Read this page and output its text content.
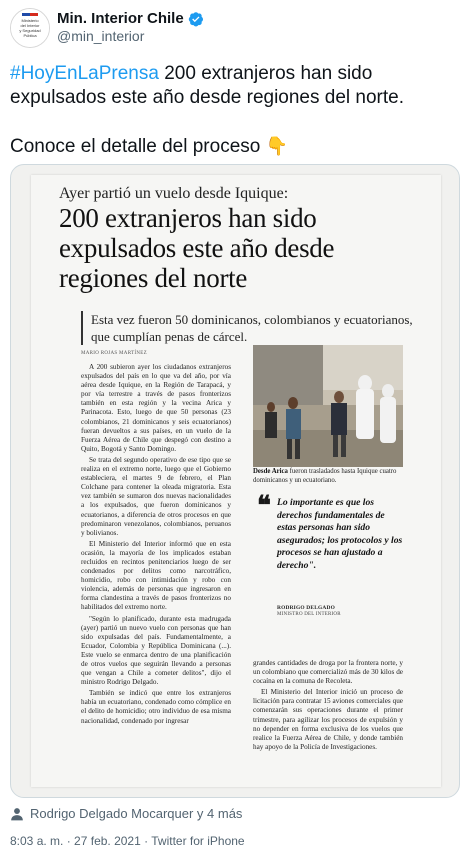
Ministerio
del Interior
y Seguridad
Pública
Min. Interior Chile
@min_interior

#HoyEnLaPrensa 200 extranjeros han sido expulsados este año desde regiones del norte.

Conoce el detalle del proceso 👇

Ayer partió un vuelo desde Iquique:
200 extranjeros han sido expulsados este año desde regiones del norte
Esta vez fueron 50 dominicanos, colombianos y ecuatorianos, que cumplían penas de cárcel.
MARIO ROJAS MARTÍNEZ

A 200 subieron ayer los ciudadanos extranjeros expulsados del país en lo que va del año, por vía aérea desde Iquique, en la Región de Tarapacá, y por vía terrestre a través de pasos fronterizos también en esta región y la vecina Arica y Parinacota. Esto, luego de que 50 personas (23 colombianos, 21 dominicanos y seis ecuatorianos) fueran devueltos a sus países, en un vuelo de la Fuerza Aérea de Chile que despegó con destino a Quito, Bogotá y Santo Domingo.

Se trata del segundo operativo de ese tipo que se realiza en el extremo norte, luego que el Gobierno estableciera, el martes 9 de febrero, el Plan Colchane para contener la oleada migratoria. Esta vez también se sumaron dos nuevas nacionalidades a los expulsados, que fueron dominicanos y ecuatorianos, a diferencia de otros procesos en que predominaron venezolanos, colombianos, peruanos y bolivianos.

El Ministerio del Interior informó que en esta ocasión, la mayoría de los implicados estaban recluidos en recintos penitenciarios luego de ser condenados por delitos como narcotráfico, homicidio, robo con intimidación y robo con violencia, además de personas que ingresaron en forma clandestina a través de pasos fronterizos no habilitados del extremo norte.

"Según lo planificado, durante esta madrugada (ayer) partió un nuevo vuelo con personas que han sido expulsadas del país. Fundamentalmente, a Ecuador, Colombia y República Dominicana (...). Este vuelo se enmarca dentro de una planificación de otros vuelos que seguirán llevando a personas que vengan a Chile a cometer delitos", dijo el ministro Rodrigo Delgado.

También se indicó que entre los extranjeros había un ecuatoriano, condenado como cómplice en el delito de homicidio; otro individuo de esa misma nacionalidad, condenado por ingresar

Desde Arica fueron trasladados hasta Iquique cuatro dominicanos y un ecuatoriano.
❝ Lo importante es que los derechos fundamentales de estas personas han sido asegurados; los protocolos y los procesos se han ajustado a derecho".
RODRIGO DELGADO
MINISTRO DEL INTERIOR

grandes cantidades de droga por la frontera norte, y un colombiano que comercializó más de 30 kilos de cocaína en la comuna de Recoleta.

El Ministerio del Interior inició un proceso de licitación para contratar 15 aviones comerciales que comenzarán sus operaciones durante el primer trimestre, para agilizar los procesos de expulsión y no depender en forma exclusiva de los vuelos que realice la Fuerza Aérea de Chile, y donde también hay apoyo de la Policía de Investigaciones.

Rodrigo Delgado Mocarquer y 4 más
8:03 a. m. · 27 feb. 2021 · Twitter for iPhone
